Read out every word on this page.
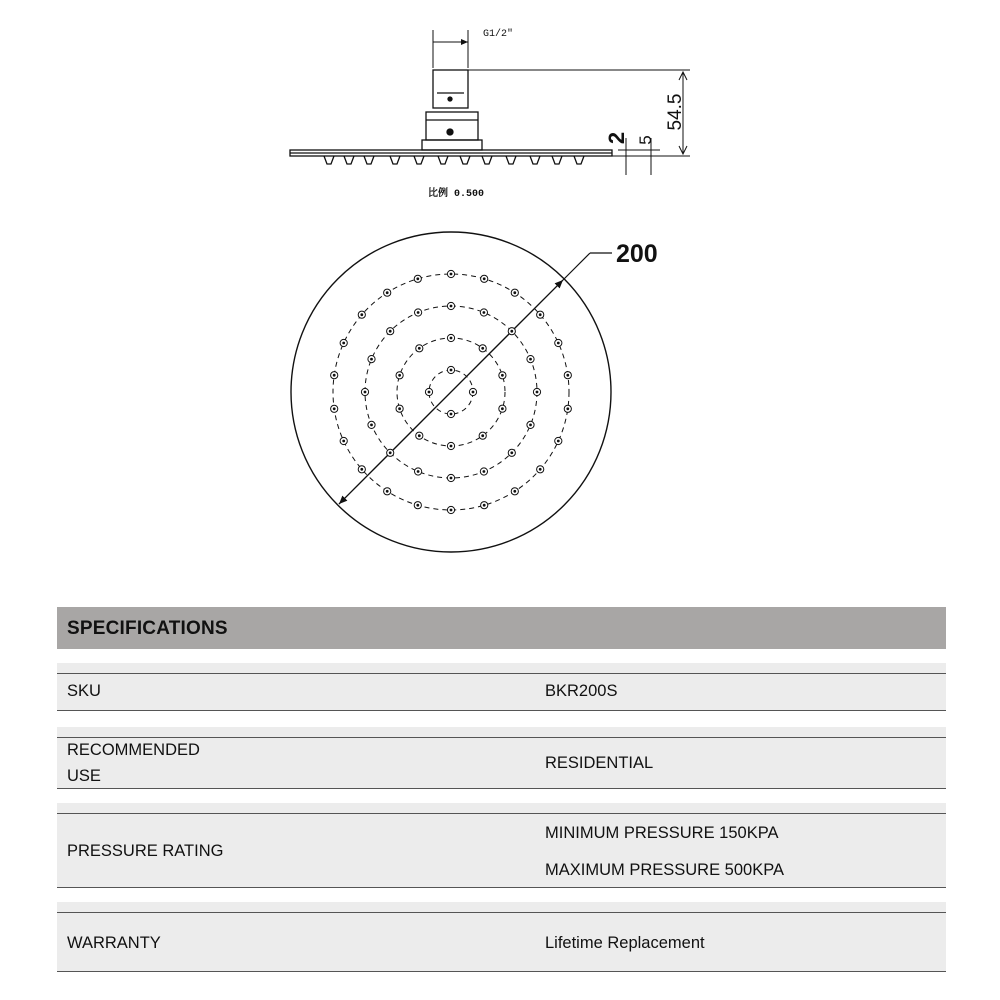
G1/2"
54.5
2 5
比例 0.500
200
SPECIFICATIONS
SKU	BKR200S
RECOMMENDED
USE
RESIDENTIAL
PRESSURE RATING
MINIMUM PRESSURE 150KPA
MAXIMUM PRESSURE 500KPA
WARRANTY	Lifetime Replacement
